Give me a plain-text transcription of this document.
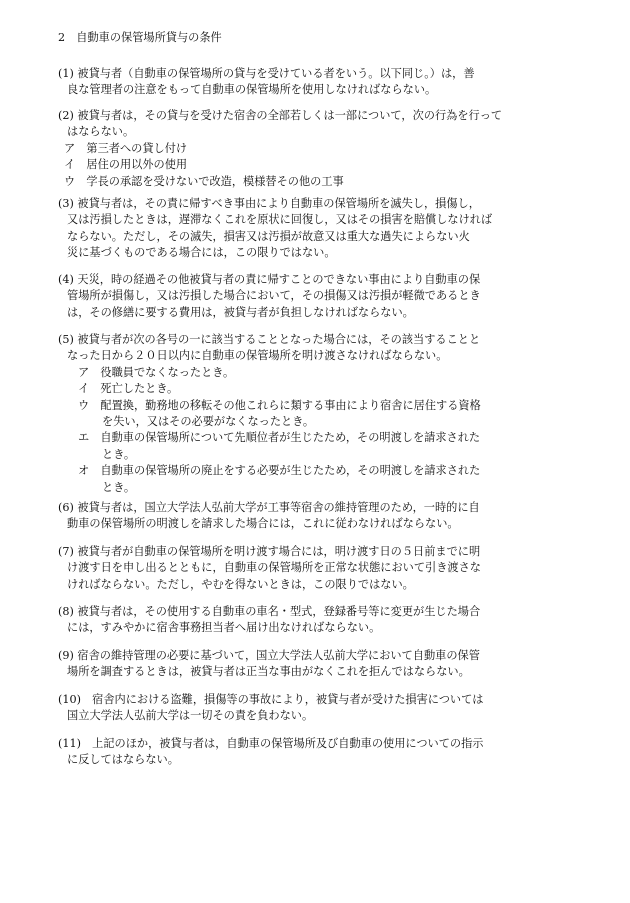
2　自動車の保管場所貸与の条件
(1) 被貸与者（自動車の保管場所の貸与を受けている者をいう。以下同じ。）は，善
良な管理者の注意をもって自動車の保管場所を使用しなければならない。
(2) 被貸与者は，その貸与を受けた宿舎の全部若しくは一部について，次の行為を行って
はならない。
ア　第三者への貸し付け
イ　居住の用以外の使用
ウ　学長の承認を受けないで改造，模様替その他の工事
(3) 被貸与者は，その責に帰すべき事由により自動車の保管場所を滅失し，損傷し，
又は汚損したときは，遅滞なくこれを原状に回復し，又はその損害を賠償しなければ
ならない。ただし，その滅失，損害又は汚損が故意又は重大な過失によらない火
災に基づくものである場合には，この限りではない。
(4) 天災，時の経過その他被貸与者の責に帰すことのできない事由により自動車の保
管場所が損傷し，又は汚損した場合において，その損傷又は汚損が軽微であるとき
は，その修繕に要する費用は，被貸与者が負担しなければならない。
(5) 被貸与者が次の各号の一に該当することとなった場合には，その該当することと
なった日から２０日以内に自動車の保管場所を明け渡さなければならない。
ア　役職員でなくなったとき。
イ　死亡したとき。
ウ　配置換，勤務地の移転その他これらに類する事由により宿舎に居住する資格
を失い，又はその必要がなくなったとき。
エ　自動車の保管場所について先順位者が生じたため，その明渡しを請求された
とき。
オ　自動車の保管場所の廃止をする必要が生じたため，その明渡しを請求された
とき。
(6) 被貸与者は，国立大学法人弘前大学が工事等宿舎の維持管理のため，一時的に自
動車の保管場所の明渡しを請求した場合には，これに従わなければならない。
(7) 被貸与者が自動車の保管場所を明け渡す場合には，明け渡す日の５日前までに明
け渡す日を申し出るとともに，自動車の保管場所を正常な状態において引き渡さな
ければならない。ただし，やむを得ないときは，この限りではない。
(8) 被貸与者は，その使用する自動車の車名・型式，登録番号等に変更が生じた場合
には，すみやかに宿舎事務担当者へ届け出なければならない。
(9) 宿舎の維持管理の必要に基づいて，国立大学法人弘前大学において自動車の保管
場所を調査するときは，被貸与者は正当な事由がなくこれを拒んではならない。
(10)　宿舎内における盗難，損傷等の事故により，被貸与者が受けた損害については
国立大学法人弘前大学は一切その責を負わない。
(11)　上記のほか，被貸与者は，自動車の保管場所及び自動車の使用についての指示
に反してはならない。
